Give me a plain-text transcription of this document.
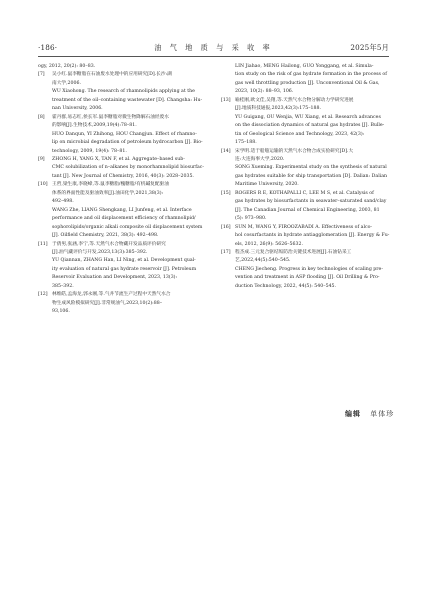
·186·	油 气 地 质 与 采 收 率	2025年5月
ogy, 2012, 20(2): 80–83.
[7] 吴小红.鼠李糖脂在石油废水处理中的应用研究[D].长沙:湖
南大学,2006.
WU Xiaohong. The research of rhamnolipids applying at the
treatment of the oil–containing wastewater [D]. Changsha: Hu-
nan University, 2006.
[8] 霍丹群,易志红,侯长军.鼠李糖脂对微生物降解石油烃废水
的影响[J].生物技术,2009,19(4):78–81.
HUO Danqun, YI Zhihong, HOU Changjun. Effect of rhamno-
lip on microbial degradation of petroleum hydrocarbon [J]. Bio-
technology, 2009, 19(4): 78–81.
[9] ZHONG H, YANG X, TAN F, et al. Aggregate–based sub-
CMC solubilization of n–alkanes by monorhamnolipid biosurfac-
tant [J]. New Journal of Chemistry, 2016, 40(3): 2028–2035.
[10] 王哲,梁生康,李晓峰,等.鼠李糖脂/槐糖脂/有机碱复配驱油
体系的界面性能及驱油效率[J].油田化学,2021,38(3):
492–498.
WANG Zhe, LIANG Shengkang, LI Junfeng, et al. Interface
performance and oil displacement efficiency of rhamnolipid/
sophorolipids/organic alkali composite oil displacement system
[J]. Oilfield Chemistry, 2021, 38(3): 492–498.
[11] 于倩男,张涵,李宁,等.天然气水合物藏开发品质评价研究
[J].油气藏评价与开发,2023,13(3):385–392.
YU Qiannan, ZHANG Han, LI Ning, et al. Development qual-
ity evaluation of natural gas hydrate reservoir [J]. Petroleum
Reservoir Evaluation and Development, 2023, 13(3):
385–392.
[12] 林维皓,孟海龙,郭永刚,等.气井节流生产过程中天然气水合
物生成风险模拟研究[J].非常规油气,2023,10(2):88–
93,106.
LIN Jiahao, MENG Hailong, GUO Yonggang, et al. Simula-
tion study on the risk of gas hydrate formation in the process of
gas well throttling production [J]. Unconventional Oil & Gas,
2023, 10(2): 88–93, 106.
[13] 喻桂刚,欧文佳,吴翔,等.天然气水合物分解动力学研究进展
[J].地质科技通报,2023,42(3):175–188.
YU Guigang, OU Wenjia, WU Xiang, et al. Research advances
on the dissociation dynamics of natural gas hydrates [J]. Bulle-
tin of Geological Science and Technology, 2023, 42(3):
175–188.
[14] 宋学明.适于船舶运输的天然气水合物合成实验研究[D].大
连:大连海事大学,2020.
SONG Xueming. Experimental study on the synthesis of natural
gas hydrates suitable for ship transportation [D]. Dalian: Dalian
Maritime University, 2020.
[15] ROGERS R E, KOTHAPALLI C, LEE M S, et al. Catalysis of
gas hydrates by biosurfactants in seawater–saturated sand/clay
[J]. The Canadian Journal of Chemical Engineering, 2003, 81
(5): 973–980.
[16] SUN M, WANG Y, FIROOZABADI A. Effectiveness of alco-
hol cosurfactants in hydrate antiagglomeration [J]. Energy & Fu-
els, 2012, 26(9): 5626–5632.
[17] 程杰成.三元复合驱结垢防治关键技术进展[J].石油钻采工
艺,2022,44(5):540–545.
CHENG Jiecheng. Progress in key technologies of scaling pre-
vention and treatment in ASP flooding [J]. Oil Drilling & Pro-
duction Technology, 2022, 44(5): 540–545.
编辑 单体珍
